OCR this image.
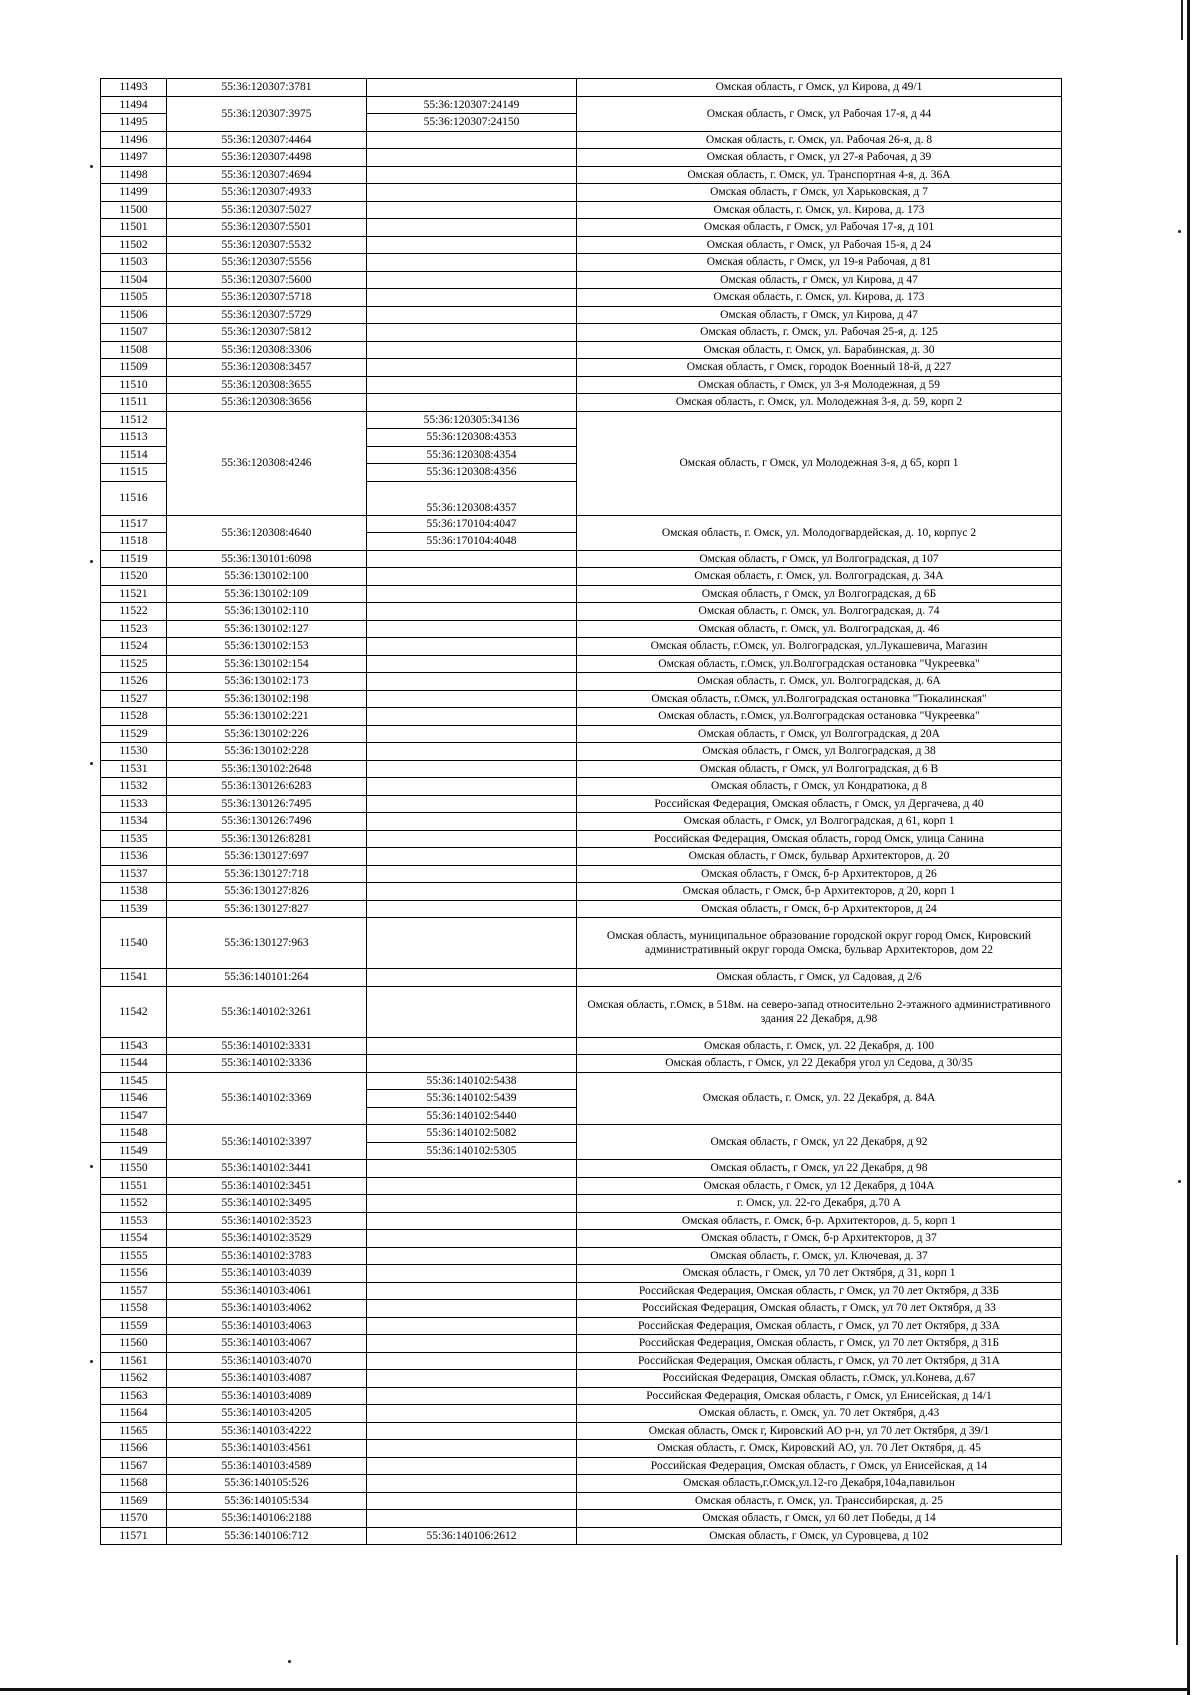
11493	55:36:120307:3781		Омская область, г Омск, ул Кирова, д 49/1
11494	55:36:120307:3975	55:36:120307:24149	Омская область, г Омск, ул Рабочая 17-я, д 44
11495		55:36:120307:24150	
11496	55:36:120307:4464		Омская область, г. Омск, ул. Рабочая 26-я, д. 8
11497	55:36:120307:4498		Омская область, г Омск, ул 27-я Рабочая, д 39
11498	55:36:120307:4694		Омская область, г. Омск, ул. Транспортная 4-я, д. 36А
11499	55:36:120307:4933		Омская область, г Омск, ул Харьковская, д 7
11500	55:36:120307:5027		Омская область, г. Омск, ул. Кирова, д. 173
11501	55:36:120307:5501		Омская область, г Омск, ул Рабочая 17-я, д 101
11502	55:36:120307:5532		Омская область, г Омск, ул Рабочая 15-я, д 24
11503	55:36:120307:5556		Омская область, г Омск, ул 19-я Рабочая, д 81
11504	55:36:120307:5600		Омская область, г Омск, ул Кирова, д 47
11505	55:36:120307:5718		Омская область, г. Омск, ул. Кирова, д. 173
11506	55:36:120307:5729		Омская область, г Омск, ул Кирова, д 47
11507	55:36:120307:5812		Омская область, г. Омск, ул. Рабочая 25-я, д. 125
11508	55:36:120308:3306		Омская область, г. Омск, ул. Барабинская, д. 30
11509	55:36:120308:3457		Омская область, г Омск, городок Военный 18-й, д 227
11510	55:36:120308:3655		Омская область, г Омск, ул 3-я Молодежная, д 59
11511	55:36:120308:3656		Омская область, г. Омск, ул. Молодежная 3-я, д. 59, корп 2
11512	55:36:120308:4246	55:36:120305:34136	Омская область, г Омск, ул Молодежная 3-я, д 65, корп 1
11513		55:36:120308:4353	
11514		55:36:120308:4354	
11515		55:36:120308:4356	
11516		55:36:120308:4357	
11517	55:36:120308:4640	55:36:170104:4047	Омская область, г. Омск, ул. Молодогвардейская, д. 10, корпус 2
11518		55:36:170104:4048	
11519	55:36:130101:6098		Омская область, г Омск, ул Волгоградская, д 107
11520	55:36:130102:100		Омская область, г. Омск, ул. Волгоградская, д. 34А
11521	55:36:130102:109		Омская область, г Омск, ул Волгоградская, д 6Б
11522	55:36:130102:110		Омская область, г. Омск, ул. Волгоградская, д. 74
11523	55:36:130102:127		Омская область, г. Омск, ул. Волгоградская, д. 46
11524	55:36:130102:153		Омская область, г.Омск, ул. Волгоградская, ул.Лукашевича, Магазин
11525	55:36:130102:154		Омская область, г.Омск, ул.Волгоградская остановка "Чукреевка"
11526	55:36:130102:173		Омская область, г. Омск, ул. Волгоградская, д. 6А
11527	55:36:130102:198		Омская область, г.Омск, ул.Волгоградская остановка "Тюкалинская"
11528	55:36:130102:221		Омская область, г.Омск, ул.Волгоградская остановка "Чукреевка"
11529	55:36:130102:226		Омская область, г Омск, ул Волгоградская, д 20А
11530	55:36:130102:228		Омская область, г Омск, ул Волгоградская, д 38
11531	55:36:130102:2648		Омская область, г Омск, ул Волгоградская, д 6 В
11532	55:36:130126:6283		Омская область, г Омск, ул Кондратюка, д 8
11533	55:36:130126:7495		Российская Федерация, Омская область, г Омск, ул Дергачева, д 40
11534	55:36:130126:7496		Омская область, г Омск, ул Волгоградская, д 61, корп 1
11535	55:36:130126:8281		Российская Федерация, Омская область, город Омск, улица Санина
11536	55:36:130127:697		Омская область, г Омск, бульвар Архитекторов, д. 20
11537	55:36:130127:718		Омская область, г Омск, б-р Архитекторов, д 26
11538	55:36:130127:826		Омская область, г Омск, б-р Архитекторов, д 20, корп 1
11539	55:36:130127:827		Омская область, г Омск, б-р Архитекторов, д 24
11540	55:36:130127:963		Омская область, муниципальное образование городской округ город Омск, Кировский административный округ города Омска, бульвар Архитекторов, дом 22
11541	55:36:140101:264		Омская область, г Омск, ул Садовая, д 2/6
11542	55:36:140102:3261		Омская область, г.Омск, в 518м. на северо-запад относительно 2-этажного административного здания 22 Декабря, д.98
11543	55:36:140102:3331		Омская область, г. Омск, ул. 22 Декабря, д. 100
11544	55:36:140102:3336		Омская область, г Омск, ул 22 Декабря угол ул Седова, д 30/35
11545	55:36:140102:3369	55:36:140102:5438	Омская область, г. Омск, ул. 22 Декабря, д. 84А
11546		55:36:140102:5439	
11547		55:36:140102:5440	
11548	55:36:140102:3397	55:36:140102:5082	Омская область, г Омск, ул 22 Декабря, д 92
11549		55:36:140102:5305	
11550	55:36:140102:3441		Омская область, г Омск, ул 22 Декабря, д 98
11551	55:36:140102:3451		Омская область, г Омск, ул 12 Декабря, д 104А
11552	55:36:140102:3495		г. Омск, ул. 22-го Декабря, д.70 А
11553	55:36:140102:3523		Омская область, г. Омск, б-р. Архитекторов, д. 5, корп 1
11554	55:36:140102:3529		Омская область, г Омск, б-р Архитекторов, д 37
11555	55:36:140102:3783		Омская область, г. Омск, ул. Ключевая, д. 37
11556	55:36:140103:4039		Омская область, г Омск, ул 70 лет Октября, д 31, корп 1
11557	55:36:140103:4061		Российская Федерация, Омская область, г Омск, ул 70 лет Октября, д 33Б
11558	55:36:140103:4062		Российская Федерация, Омская область, г Омск, ул 70 лет Октября, д 33
11559	55:36:140103:4063		Российская Федерация, Омская область, г Омск, ул 70 лет Октября, д 33А
11560	55:36:140103:4067		Российская Федерация, Омская область, г Омск, ул 70 лет Октября, д 31Б
11561	55:36:140103:4070		Российская Федерация, Омская область, г Омск, ул 70 лет Октября, д 31А
11562	55:36:140103:4087		Российская Федерация, Омская область, г.Омск, ул.Конева, д.67
11563	55:36:140103:4089		Российская Федерация, Омская область, г Омск, ул Енисейская, д 14/1
11564	55:36:140103:4205		Омская область, г. Омск, ул. 70 лет Октября, д.43
11565	55:36:140103:4222		Омская область, Омск г, Кировский АО р-н, ул 70 лет Октября, д 39/1
11566	55:36:140103:4561		Омская область, г. Омск, Кировский АО, ул. 70 Лет Октября, д. 45
11567	55:36:140103:4589		Российская Федерация, Омская область, г Омск, ул Енисейская, д 14
11568	55:36:140105:526		Омская область,г.Омск,ул.12-го Декабря,104а,павильон
11569	55:36:140105:534		Омская область, г. Омск, ул. Транссибирская, д. 25
11570	55:36:140106:2188		Омская область, г Омск, ул 60 лет Победы, д 14
11571	55:36:140106:712	55:36:140106:2612	Омская область, г Омск, ул Суровцева, д 102
